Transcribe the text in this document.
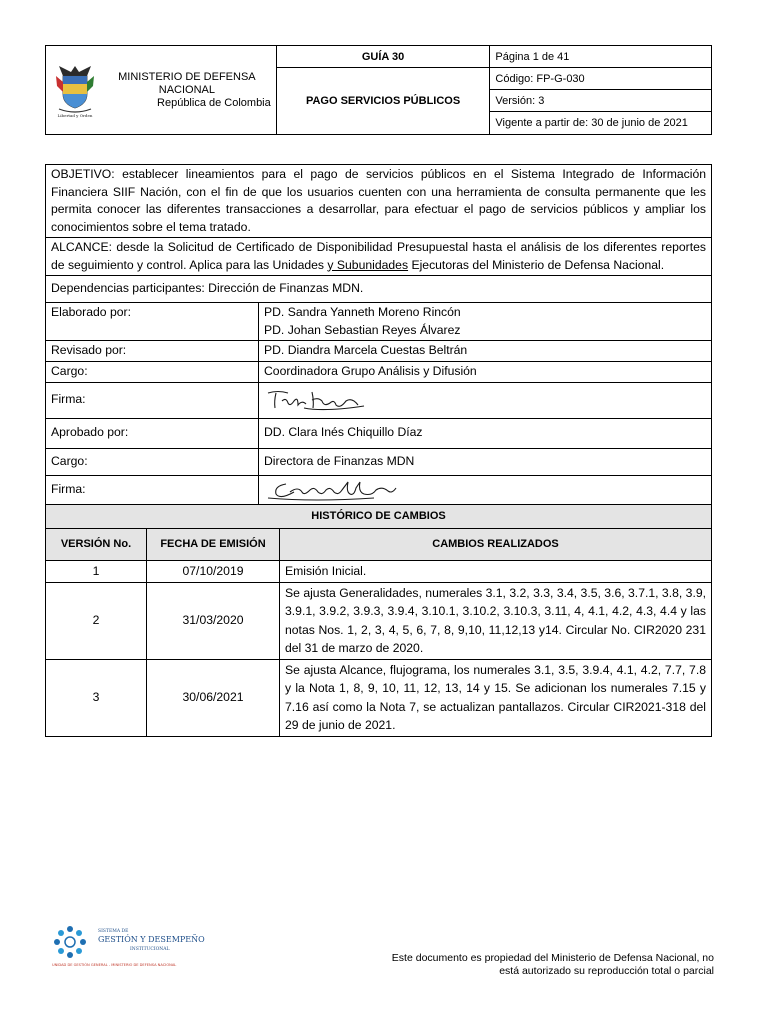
Libertad y Orden
MINISTERIO DE DEFENSA NACIONAL
República de Colombia	GUÍA 30	Página 1 de 41
	PAGO SERVICIOS PÚBLICOS	Código: FP-G-030
		Versión: 3
		Vigente a partir de: 30 de junio de 2021
OBJETIVO: establecer lineamientos para el pago de servicios públicos en el Sistema Integrado de Información Financiera SIIF Nación, con el fin de que los usuarios cuenten con una herramienta de consulta permanente que les permita conocer las diferentes transacciones a desarrollar, para efectuar el pago de servicios públicos y ampliar los conocimientos sobre el tema tratado.	
ALCANCE: desde la Solicitud de Certificado de Disponibilidad Presupuestal hasta el análisis de los diferentes reportes de seguimiento y control. Aplica para las Unidades y Subunidades Ejecutoras del Ministerio de Defensa Nacional.	
Dependencias participantes: Dirección de Finanzas MDN.	
Elaborado por:	PD. Sandra Yanneth Moreno Rincón
PD. Johan Sebastian Reyes Álvarez

Revisado por:	PD. Diandra Marcela Cuestas Beltrán
Cargo:	Coordinadora Grupo Análisis y Difusión
Firma:	

Aprobado por:	DD. Clara Inés Chiquillo Díaz
Cargo:	Directora de Finanzas MDN
Firma:	
HISTÓRICO DE CAMBIOS		
VERSIÓN No.	FECHA DE EMISIÓN	CAMBIOS REALIZADOS
1	07/10/2019	Emisión Inicial.
2	31/03/2020	Se ajusta Generalidades, numerales 3.1, 3.2, 3.3, 3.4, 3.5, 3.6, 3.7.1, 3.8, 3.9, 3.9.1, 3.9.2, 3.9.3, 3.9.4, 3.10.1, 3.10.2, 3.10.3, 3.11, 4, 4.1, 4.2, 4.3, 4.4 y las notas Nos. 1, 2, 3, 4, 5, 6, 7, 8, 9,10, 11,12,13 y14. Circular No. CIR2020 231 del 31 de marzo de 2020.
3	30/06/2021	Se ajusta Alcance, flujograma, los numerales 3.1, 3.5, 3.9.4, 4.1, 4.2, 7.7, 7.8 y la Nota 1, 8, 9, 10, 11, 12, 13, 14 y 15. Se adicionan los numerales 7.15 y 7.16 así como la Nota 7, se actualizan pantallazos. Circular CIR2021-318 del 29 de junio de 2021.
SISTEMA DE
GESTIÓN Y DESEMPEÑO
INSTITUCIONAL
UNIDAD DE GESTIÓN GENERAL - MINISTERIO DE DEFENSA NACIONAL
Este documento es propiedad del Ministerio de Defensa Nacional, no está autorizado su reproducción total o parcial
